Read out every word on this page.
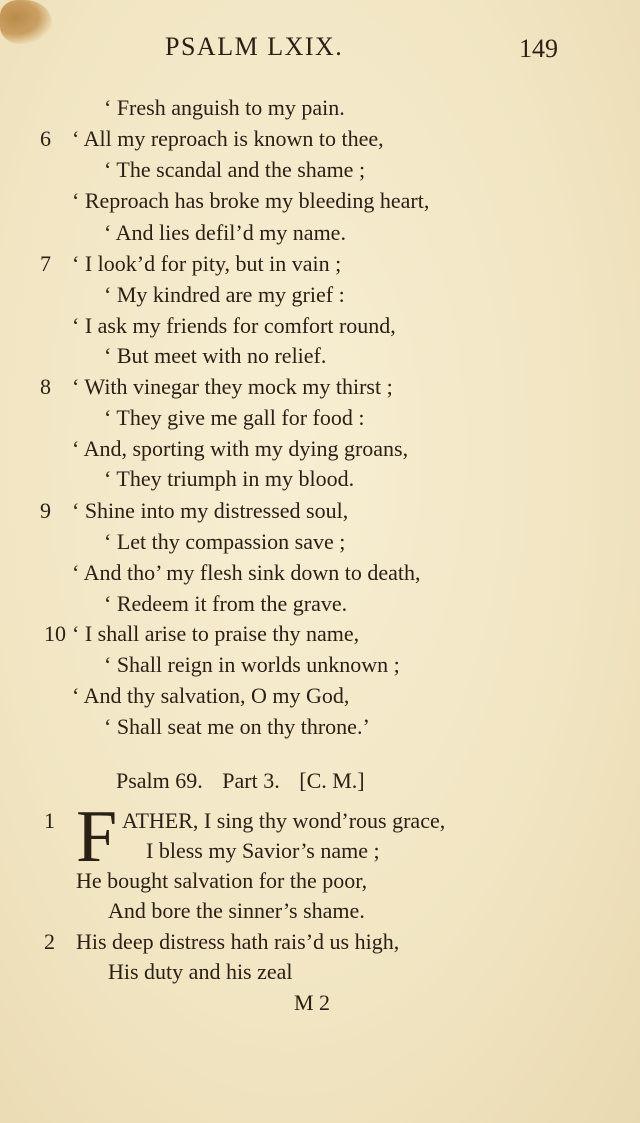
PSALM LXIX.	149
‘ Fresh anguish to my pain.
6 ‘ All my reproach is known to thee,
‘ The scandal and the shame ;
‘ Reproach has broke my bleeding heart,
‘ And lies defil’d my name.
7 ‘ I look’d for pity, but in vain ;
‘ My kindred are my grief :
‘ I ask my friends for comfort round,
‘ But meet with no relief.
8 ‘ With vinegar they mock my thirst ;
‘ They give me gall for food :
‘ And, sporting with my dying groans,
‘ They triumph in my blood.
9 ‘ Shine into my distressed soul,
‘ Let thy compassion save ;
‘ And tho’ my flesh sink down to death,
‘ Redeem it from the grave.
10 ‘ I shall arise to praise thy name,
‘ Shall reign in worlds unknown ;
‘ And thy salvation, O my God,
‘ Shall seat me on thy throne.’
Psalm 69. Part 3. [C. M.]
F
1	ATHER, I sing thy wond’rous grace,
I bless my Savior’s name ;
He bought salvation for the poor,
And bore the sinner’s shame.
2 His deep distress hath rais’d us high,
His duty and his zeal
M 2
